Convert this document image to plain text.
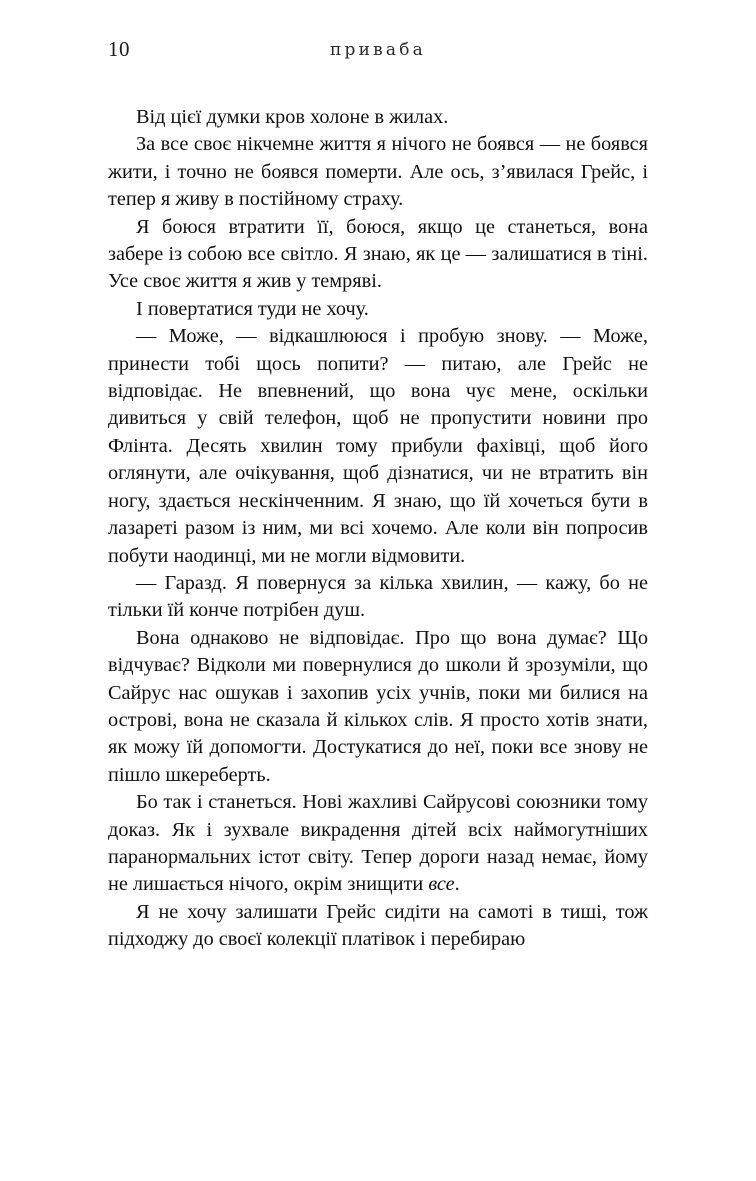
10	приваба

Від цієї думки кров холоне в жилах.

За все своє нікчемне життя я нічого не боявся — не боявся жити, і точно не боявся померти. Але ось, з’явилася Грейс, і тепер я живу в постійному страху.

Я боюся втратити її, боюся, якщо це станеться, вона забере із собою все світло. Я знаю, як це — залишатися в тіні. Усе своє життя я жив у темряві.

І повертатися туди не хочу.

— Може, — відкашлююся і пробую знову. — Може, принести тобі щось попити? — питаю, але Грейс не відповідає. Не впевнений, що вона чує мене, оскільки дивиться у свій телефон, щоб не пропустити новини про Флінта. Десять хвилин тому прибули фахівці, щоб його оглянути, але очікування, щоб дізнатися, чи не втратить він ногу, здається нескінченним. Я знаю, що їй хочеться бути в лазареті разом із ним, ми всі хочемо. Але коли він попросив побути наодинці, ми не могли відмовити.

— Гаразд. Я повернуся за кілька хвилин, — кажу, бо не тільки їй конче потрібен душ.

Вона однаково не відповідає. Про що вона думає? Що відчуває? Відколи ми повернулися до школи й зрозуміли, що Сайрус нас ошукав і захопив усіх учнів, поки ми билися на острові, вона не сказала й кількох слів. Я просто хотів знати, як можу їй допомогти. Достукатися до неї, поки все знову не пішло шкереберть.

Бо так і станеться. Нові жахливі Сайрусові союзники тому доказ. Як і зухвале викрадення дітей всіх наймогутніших паранормальних істот світу. Тепер дороги назад немає, йому не лишається нічого, окрім знищити все.

Я не хочу залишати Грейс сидіти на самоті в тиші, тож підходжу до своєї колекції платівок і перебираю
